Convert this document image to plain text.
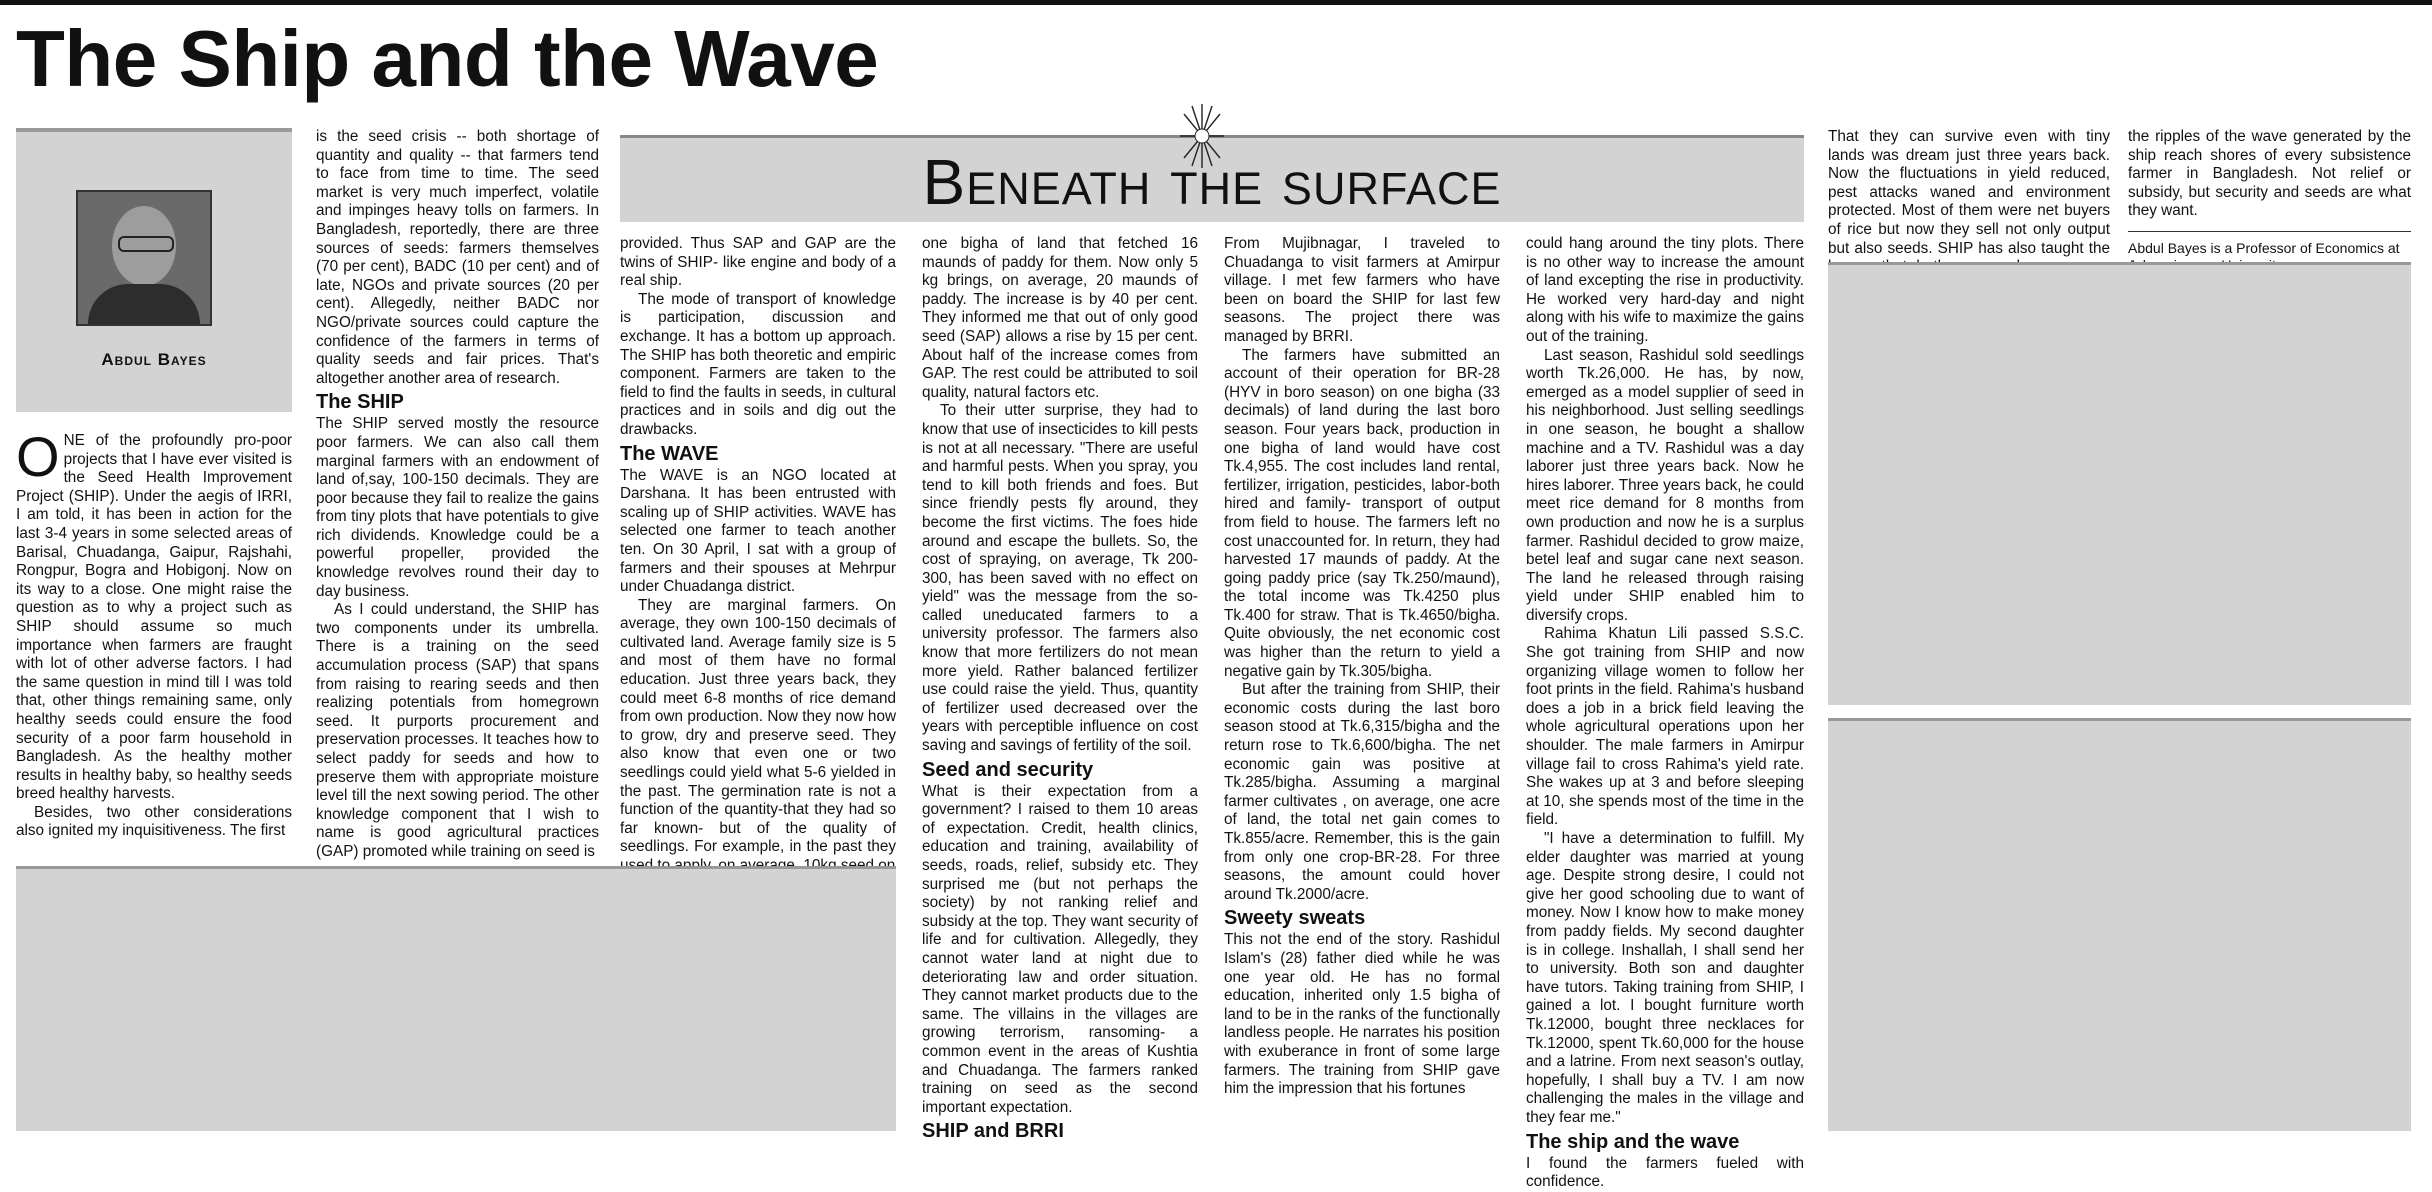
The Ship and the Wave
Abdul Bayes

ONE of the profoundly pro-poor projects that I have ever visited is the Seed Health Improvement Project (SHIP). Under the aegis of IRRI, I am told, it has been in action for the last 3-4 years in some selected areas of Barisal, Chuadanga, Gaipur, Rajshahi, Rongpur, Bogra and Hobigonj. Now on its way to a close. One might raise the question as to why a project such as SHIP should assume so much importance when farmers are fraught with lot of other adverse factors. I had the same question in mind till I was told that, other things remaining same, only healthy seeds could ensure the food security of a poor farm household in Bangladesh. As the healthy mother results in healthy baby, so healthy seeds breed healthy harvests.

Besides, two other considerations also ignited my inquisitiveness. The first

is the seed crisis -- both shortage of quantity and quality -- that farmers tend to face from time to time. The seed market is very much imperfect, volatile and impinges heavy tolls on farmers. In Bangladesh, reportedly, there are three sources of seeds: farmers themselves (70 per cent), BADC (10 per cent) and of late, NGOs and private sources (20 per cent). Allegedly, neither BADC nor NGO/private sources could capture the confidence of the farmers in terms of quality seeds and fair prices. That's altogether another area of research.

The SHIP

The SHIP served mostly the resource poor farmers. We can also call them marginal farmers with an endowment of land of,say, 100-150 decimals. They are poor because they fail to realize the gains from tiny plots that have potentials to give rich dividends. Knowledge could be a powerful propeller, provided the knowledge revolves round their day to day business.

As I could understand, the SHIP has two components under its umbrella. There is a training on the seed accumulation process (SAP) that spans from raising to rearing seeds and then realizing potentials from homegrown seed. It purports procurement and preservation processes. It teaches how to select paddy for seeds and how to preserve them with appropriate moisture level till the next sowing period. The other knowledge component that I wish to name is good agricultural practices (GAP) promoted while training on seed is

Beneath the surface

provided. Thus SAP and GAP are the twins of SHIP- like engine and body of a real ship.

The mode of transport of knowledge is participation, discussion and exchange. It has a bottom up approach. The SHIP has both theoretic and empiric component. Farmers are taken to the field to find the faults in seeds, in cultural practices and in soils and dig out the drawbacks.

The WAVE

The WAVE is an NGO located at Darshana. It has been entrusted with scaling up of SHIP activities. WAVE has selected one farmer to teach another ten. On 30 April, I sat with a group of farmers and their spouses at Mehrpur under Chuadanga district.

They are marginal farmers. On average, they own 100-150 decimals of cultivated land. Average family size is 5 and most of them have no formal education. Just three years back, they could meet 6-8 months of rice demand from own production. Now they now how to grow, dry and preserve seed. They also know that even one or two seedlings could yield what 5-6 yielded in the past. The germination rate is not a function of the quantity-that they had so far known- but of the quality of seedlings. For example, in the past they

one bigha of land that fetched 16 maunds of paddy for them. Now only 5 kg brings, on average, 20 maunds of paddy. The increase is by 40 per cent. They informed me that out of only good seed (SAP) allows a rise by 15 per cent. About half of the increase comes from GAP. The rest could be attributed to soil quality, natural factors etc.

To their utter surprise, they had to know that use of insecticides to kill pests is not at all necessary. "There are useful and harmful pests. When you spray, you tend to kill both friends and foes. But since friendly pests fly around, they become the first victims. The foes hide around and escape the bullets. So, the cost of spraying, on average, Tk 200-300, has been saved with no effect on yield" was the message from the so-called uneducated farmers to a university professor. The farmers also know that more fertilizers do not mean more yield. Rather balanced fertilizer use could raise the yield. Thus, quantity of fertilizer used decreased over the years with perceptible influence on cost saving and savings of fertility of the soil.

Seed and security

What is their expectation from a government? I raised to them 10 areas of expectation. Credit, health clinics, education and training, availability of seeds, roads, relief, subsidy etc. They surprised me (but not perhaps the society) by not ranking relief and subsidy at the top. They want security of life and for cultivation. Allegedly, they cannot water land at night due to deteriorating law and order situation. They cannot market products due to the same. The villains in the villages are growing terrorism, ransoming- a common event in the areas of Kushtia and Chuadanga. The farmers ranked training on seed as the second important expectation.

SHIP and BRRI

From Mujibnagar, I traveled to Chuadanga to visit farmers at Amirpur village. I met few farmers who have been on board the SHIP for last few seasons. The project there was managed by BRRI.

The farmers have submitted an account of their operation for BR-28 (HYV in boro season) on one bigha (33 decimals) of land during the last boro season. Four years back, production in one bigha of land would have cost Tk.4,955. The cost includes land rental, fertilizer, irrigation, pesticides, labor-both hired and family- transport of output from field to house. The farmers left no cost unaccounted for. In return, they had harvested 17 maunds of paddy. At the going paddy price (say Tk.250/maund), the total income was Tk.4250 plus Tk.400 for straw. That is Tk.4650/bigha. Quite obviously, the net economic cost was higher than the return to yield a negative gain by Tk.305/bigha.

But after the training from SHIP, their economic costs during the last boro season stood at Tk.6,315/bigha and the return rose to Tk.6,600/bigha. The net economic gain was positive at Tk.285/bigha. Assuming a marginal farmer cultivates , on average, one acre of land, the total net gain comes to Tk.855/acre. Remember, this is the gain from only one crop-BR-28. For three seasons, the amount could hover around Tk.2000/acre.

Sweety sweats

This not the end of the story. Rashidul Islam's (28) father died while he was one year old. He has no formal education, inherited only 1.5 bigha of land to be in the ranks of the functionally landless people. He narrates his position with exuberance in front of some large farmers. The training from SHIP gave him the impression that his fortunes

could hang around the tiny plots. There is no other way to increase the amount of land excepting the rise in productivity. He worked very hard-day and night along with his wife to maximize the gains out of the training.

Last season, Rashidul sold seedlings worth Tk.26,000. He has, by now, emerged as a model supplier of seed in his neighborhood. Just selling seedlings in one season, he bought a shallow machine and a TV. Rashidul was a day laborer just three years back. Now he hires laborer. Three years back, he could meet rice demand for 8 months from own production and now he is a surplus farmer. Rashidul decided to grow maize, betel leaf and sugar cane next season. The land he released through raising yield under SHIP enabled him to diversify crops.

Rahima Khatun Lili passed S.S.C. She got training from SHIP and now organizing village women to follow her foot prints in the field. Rahima's husband does a job in a brick field leaving the whole agricultural operations upon her shoulder. The male farmers in Amirpur village fail to cross Rahima's yield rate. She wakes up at 3 and before sleeping at 10, she spends most of the time in the field.

"I have a determination to fulfill. My elder daughter was married at young age. Despite strong desire, I could not give her good schooling due to want of money. Now I know how to make money from paddy fields. My second daughter is in college. Inshallah, I shall send her to university. Both son and daughter have tutors. Taking training from SHIP, I gained a lot. I bought furniture worth Tk.12000, bought three necklaces for Tk.12000, spent Tk.60,000 for the house and a latrine. From next season's outlay, hopefully, I shall buy a TV. I am now challenging the males in the village and they fear me."

The ship and the wave

I found the farmers fueled with confidence.

That they can survive even with tiny lands was dream just three years back. Now the fluctuations in yield reduced, pest attacks waned and environment protected. Most of them were net buyers of rice but now they sell not only output but also seeds. SHIP has also taught the

the ripples of the wave generated by the ship reach shores of every subsistence farmer in Bangladesh. Not relief or subsidy, but security and seeds are what they want.

Abdul Bayes is a Professor of Economics at
